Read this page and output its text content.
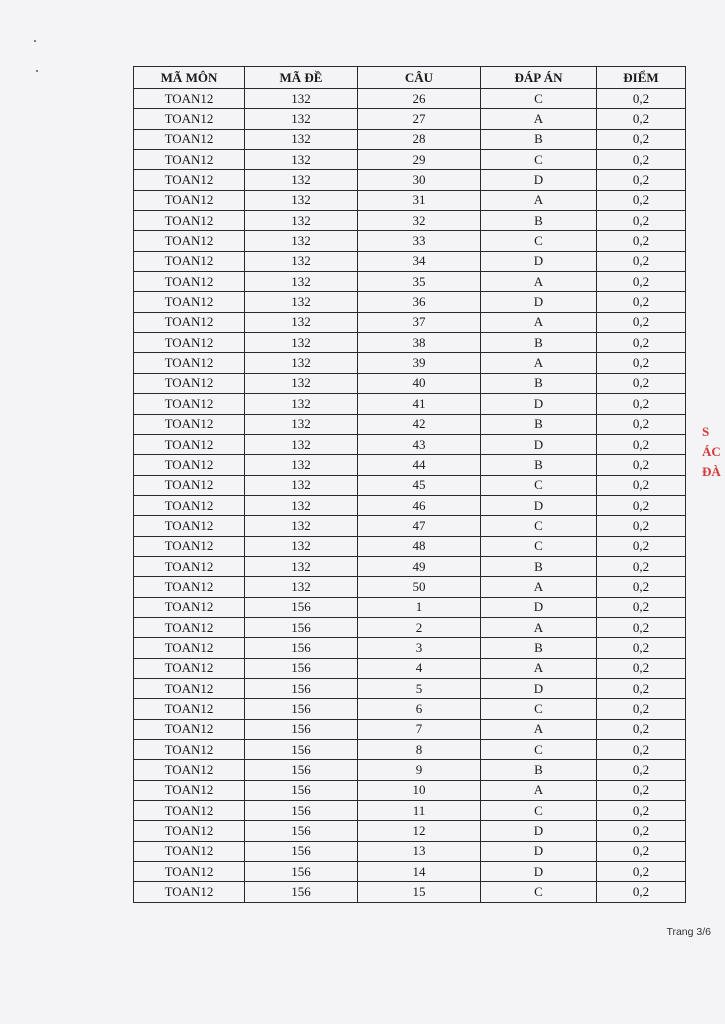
MÃ MÔN	MÃ ĐỀ	CÂU	ĐÁP ÁN	ĐIỂM
TOAN12	132	26	C	0,2
TOAN12	132	27	A	0,2
TOAN12	132	28	B	0,2
TOAN12	132	29	C	0,2
TOAN12	132	30	D	0,2
TOAN12	132	31	A	0,2
TOAN12	132	32	B	0,2
TOAN12	132	33	C	0,2
TOAN12	132	34	D	0,2
TOAN12	132	35	A	0,2
TOAN12	132	36	D	0,2
TOAN12	132	37	A	0,2
TOAN12	132	38	B	0,2
TOAN12	132	39	A	0,2
TOAN12	132	40	B	0,2
TOAN12	132	41	D	0,2
TOAN12	132	42	B	0,2
TOAN12	132	43	D	0,2
TOAN12	132	44	B	0,2
TOAN12	132	45	C	0,2
TOAN12	132	46	D	0,2
TOAN12	132	47	C	0,2
TOAN12	132	48	C	0,2
TOAN12	132	49	B	0,2
TOAN12	132	50	A	0,2
TOAN12	156	1	D	0,2
TOAN12	156	2	A	0,2
TOAN12	156	3	B	0,2
TOAN12	156	4	A	0,2
TOAN12	156	5	D	0,2
TOAN12	156	6	C	0,2
TOAN12	156	7	A	0,2
TOAN12	156	8	C	0,2
TOAN12	156	9	B	0,2
TOAN12	156	10	A	0,2
TOAN12	156	11	C	0,2
TOAN12	156	12	D	0,2
TOAN12	156	13	D	0,2
TOAN12	156	14	D	0,2
TOAN12	156	15	C	0,2
S
ÁC
ĐÀ
Trang 3/6
